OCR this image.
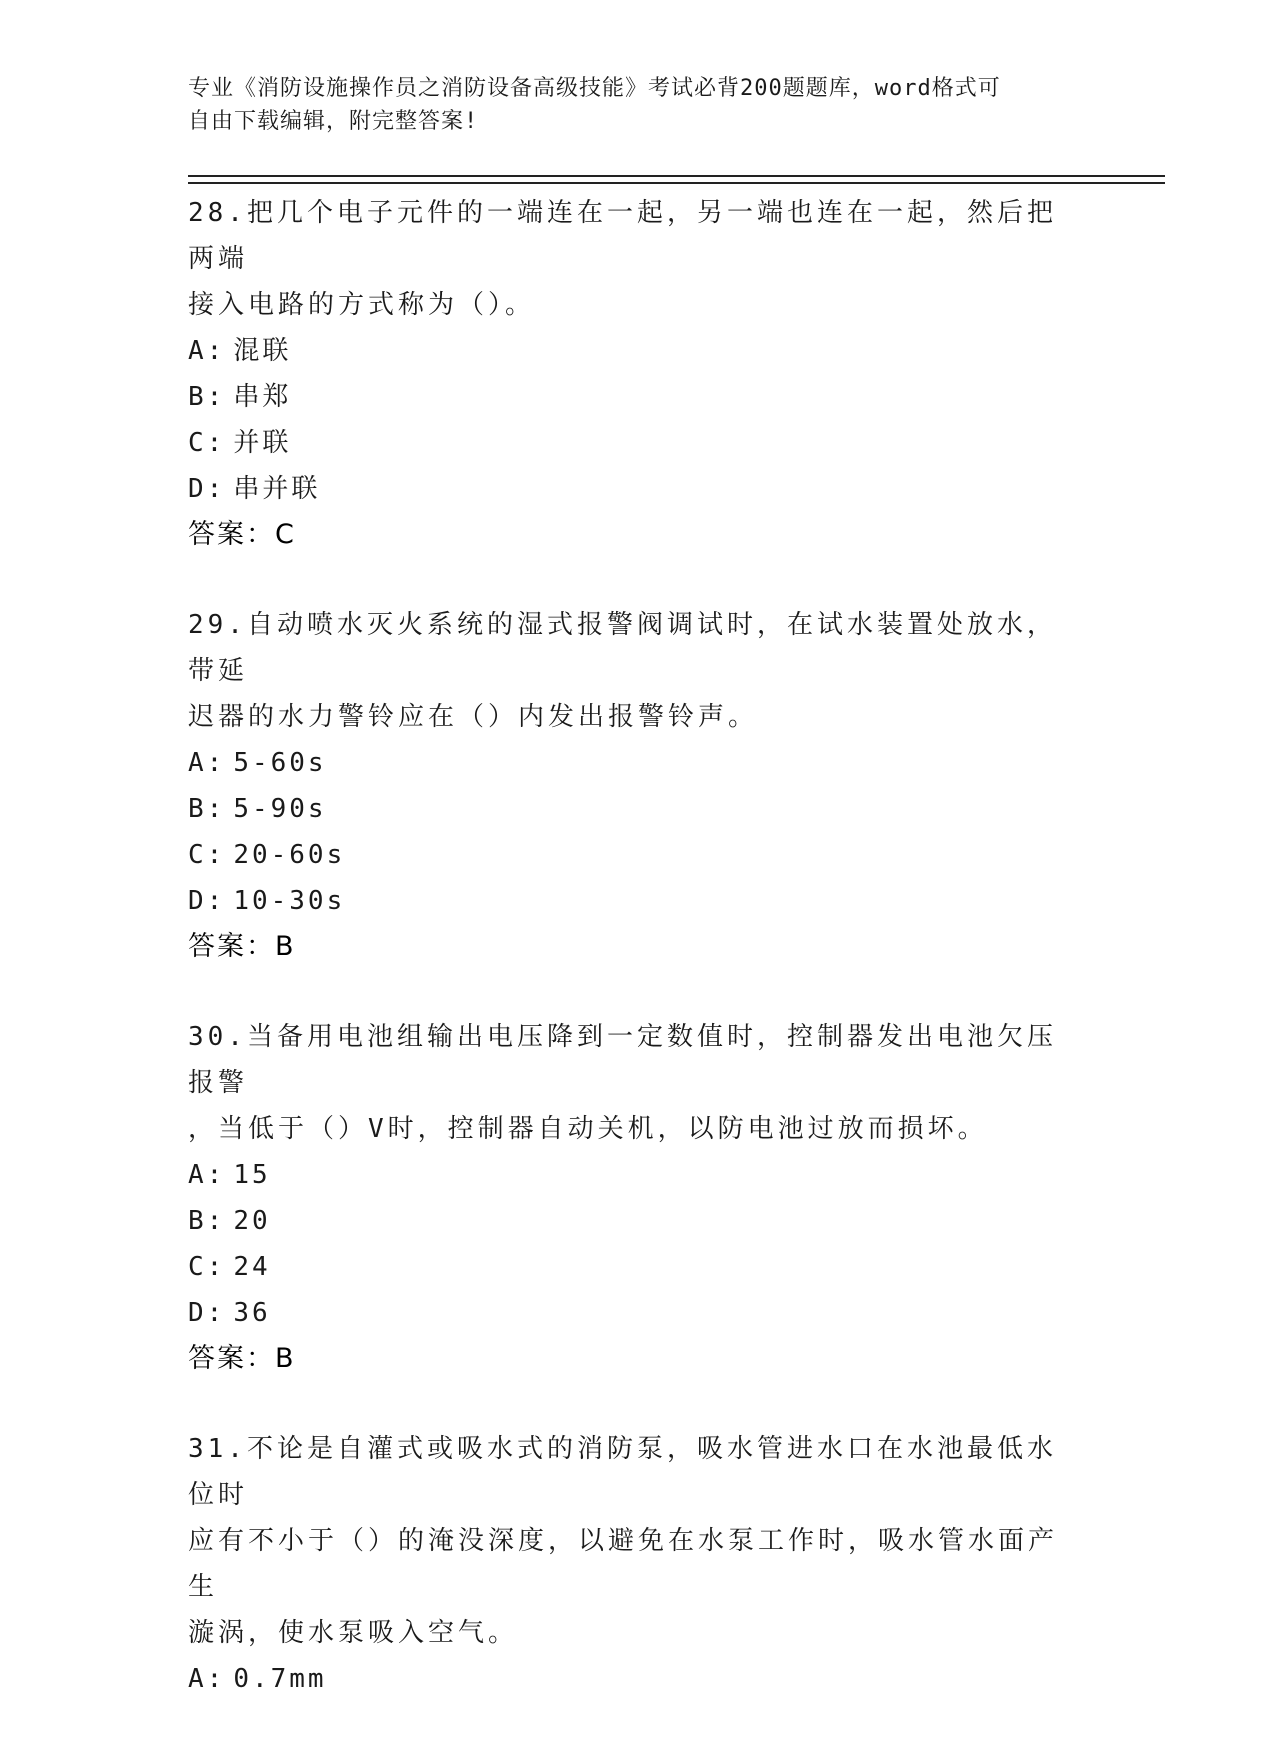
专业《消防设施操作员之消防设备高级技能》考试必背200题题库，word格式可
自由下载编辑，附完整答案!
28.把几个电子元件的一端连在一起，另一端也连在一起，然后把两端
接入电路的方式称为（）。
A: 混联
B: 串郑
C: 并联
D: 串并联
答案：C
29.自动喷水灭火系统的湿式报警阀调试时，在试水装置处放水，带延
迟器的水力警铃应在（）内发出报警铃声。
A: 5-60s
B: 5-90s
C: 20-60s
D: 10-30s
答案：B
30.当备用电池组输出电压降到一定数值时，控制器发出电池欠压报警
，当低于（）V时，控制器自动关机，以防电池过放而损坏。
A: 15
B: 20
C: 24
D: 36
答案：B
31.不论是自灌式或吸水式的消防泵，吸水管进水口在水池最低水位时
应有不小于（）的淹没深度，以避免在水泵工作时，吸水管水面产生
漩涡，使水泵吸入空气。
A: 0.7mm
